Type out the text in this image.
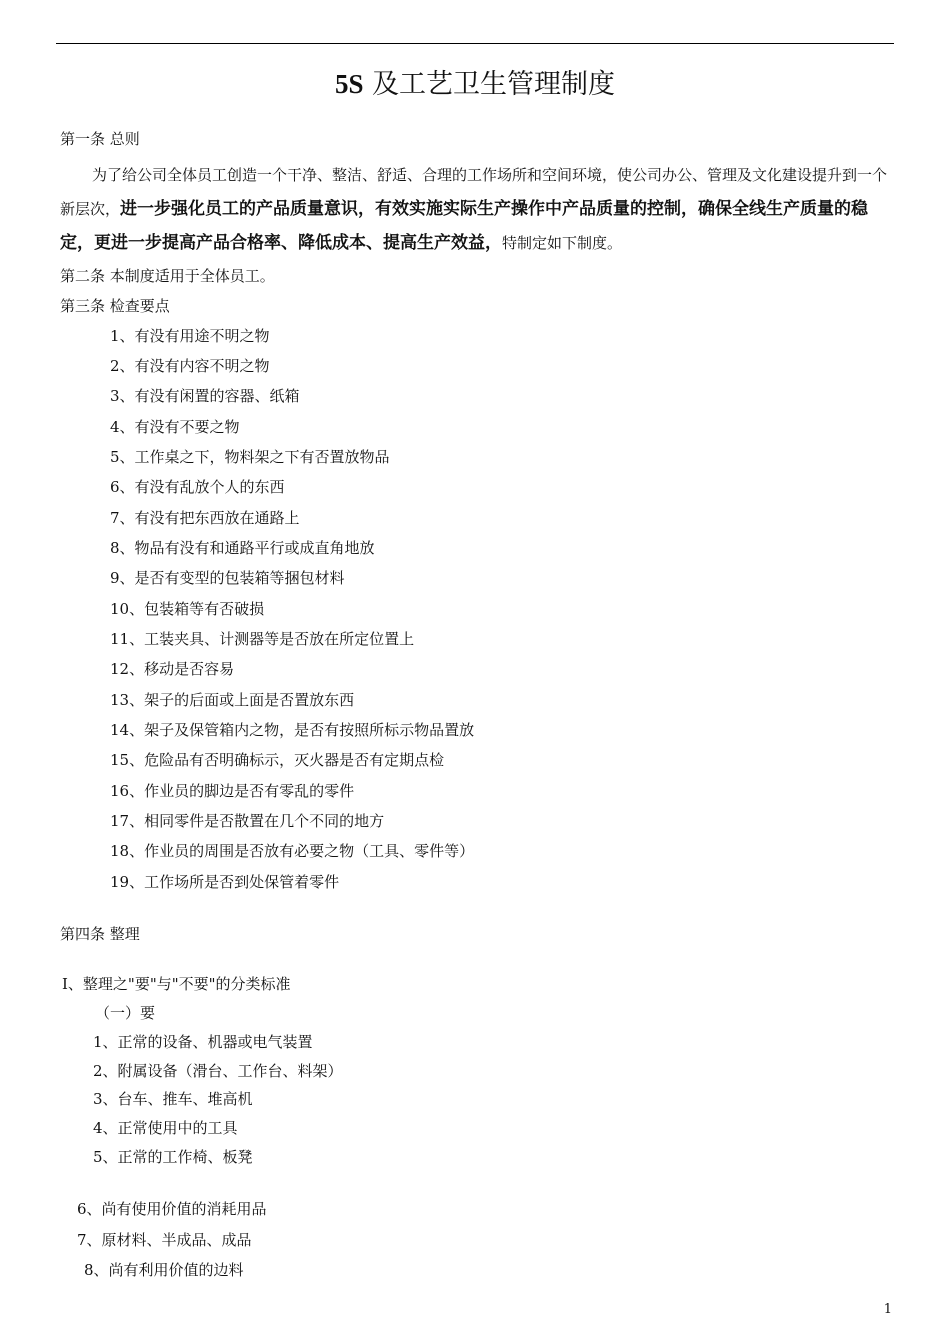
5S 及工艺卫生管理制度
第一条 总则
为了给公司全体员工创造一个干净、整洁、舒适、合理的工作场所和空间环境，使公司办公、管理及文化建设提升到一个新层次，进一步强化员工的产品质量意识，有效实施实际生产操作中产品质量的控制，确保全线生产质量的稳定，更进一步提高产品合格率、降低成本、提高生产效益，特制定如下制度。
第二条 本制度适用于全体员工。
第三条 检查要点
1、有没有用途不明之物
2、有没有内容不明之物
3、有没有闲置的容器、纸箱
4、有没有不要之物
5、工作桌之下，物料架之下有否置放物品
6、有没有乱放个人的东西
7、有没有把东西放在通路上
8、物品有没有和通路平行或成直角地放
9、是否有变型的包装箱等捆包材料
10、包装箱等有否破损
11、工装夹具、计测器等是否放在所定位置上
12、移动是否容易
13、架子的后面或上面是否置放东西
14、架子及保管箱内之物，是否有按照所标示物品置放
15、危险品有否明确标示，灭火器是否有定期点检
16、作业员的脚边是否有零乱的零件
17、相同零件是否散置在几个不同的地方
18、作业员的周围是否放有必要之物（工具、零件等）
19、工作场所是否到处保管着零件
第四条 整理
Ⅰ、整理之"要"与"不要"的分类标准
（一）要
1、正常的设备、机器或电气装置
2、附属设备（滑台、工作台、料架）
3、台车、推车、堆高机
4、正常使用中的工具
5、正常的工作椅、板凳
6、尚有使用价值的消耗用品
7、原材料、半成品、成品
8、尚有利用价值的边料
1
